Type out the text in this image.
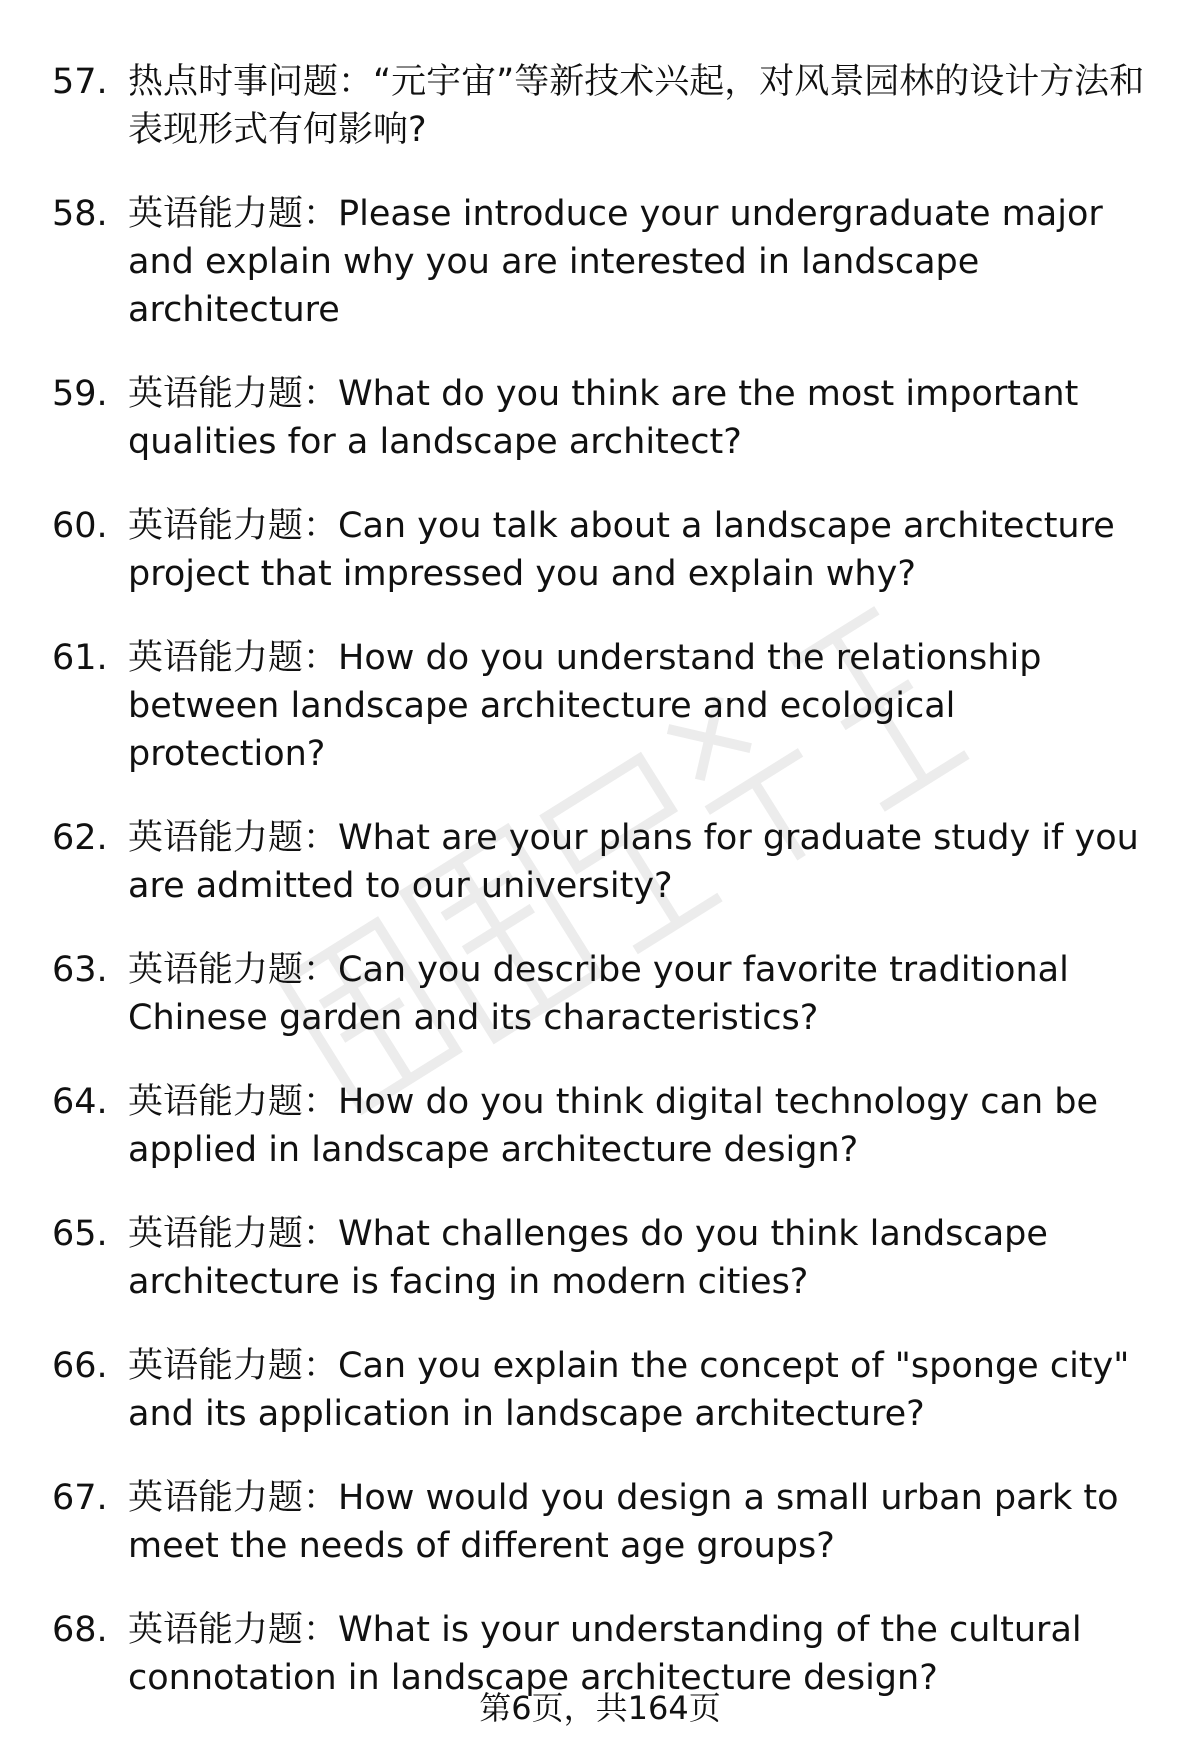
57. 热点时事问题：“元宇宙”等新技术兴起，对风景园林的设计方法和表现形式有何影响?
58. 英语能力题：Please introduce your undergraduate major and explain why you are interested in landscape architecture
59. 英语能力题：What do you think are the most important qualities for a landscape architect?
60. 英语能力题：Can you talk about a landscape architecture project that impressed you and explain why?
61. 英语能力题：How do you understand the relationship between landscape architecture and ecological protection?
62. 英语能力题：What are your plans for graduate study if you are admitted to our university?
63. 英语能力题：Can you describe your favorite traditional Chinese garden and its characteristics?
64. 英语能力题：How do you think digital technology can be applied in landscape architecture design?
65. 英语能力题：What challenges do you think landscape architecture is facing in modern cities?
66. 英语能力题：Can you explain the concept of "sponge city" and its application in landscape architecture?
67. 英语能力题：How would you design a small urban park to meet the needs of different age groups?
68. 英语能力题：What is your understanding of the cultural connotation in landscape architecture design?
第6页，共164页
